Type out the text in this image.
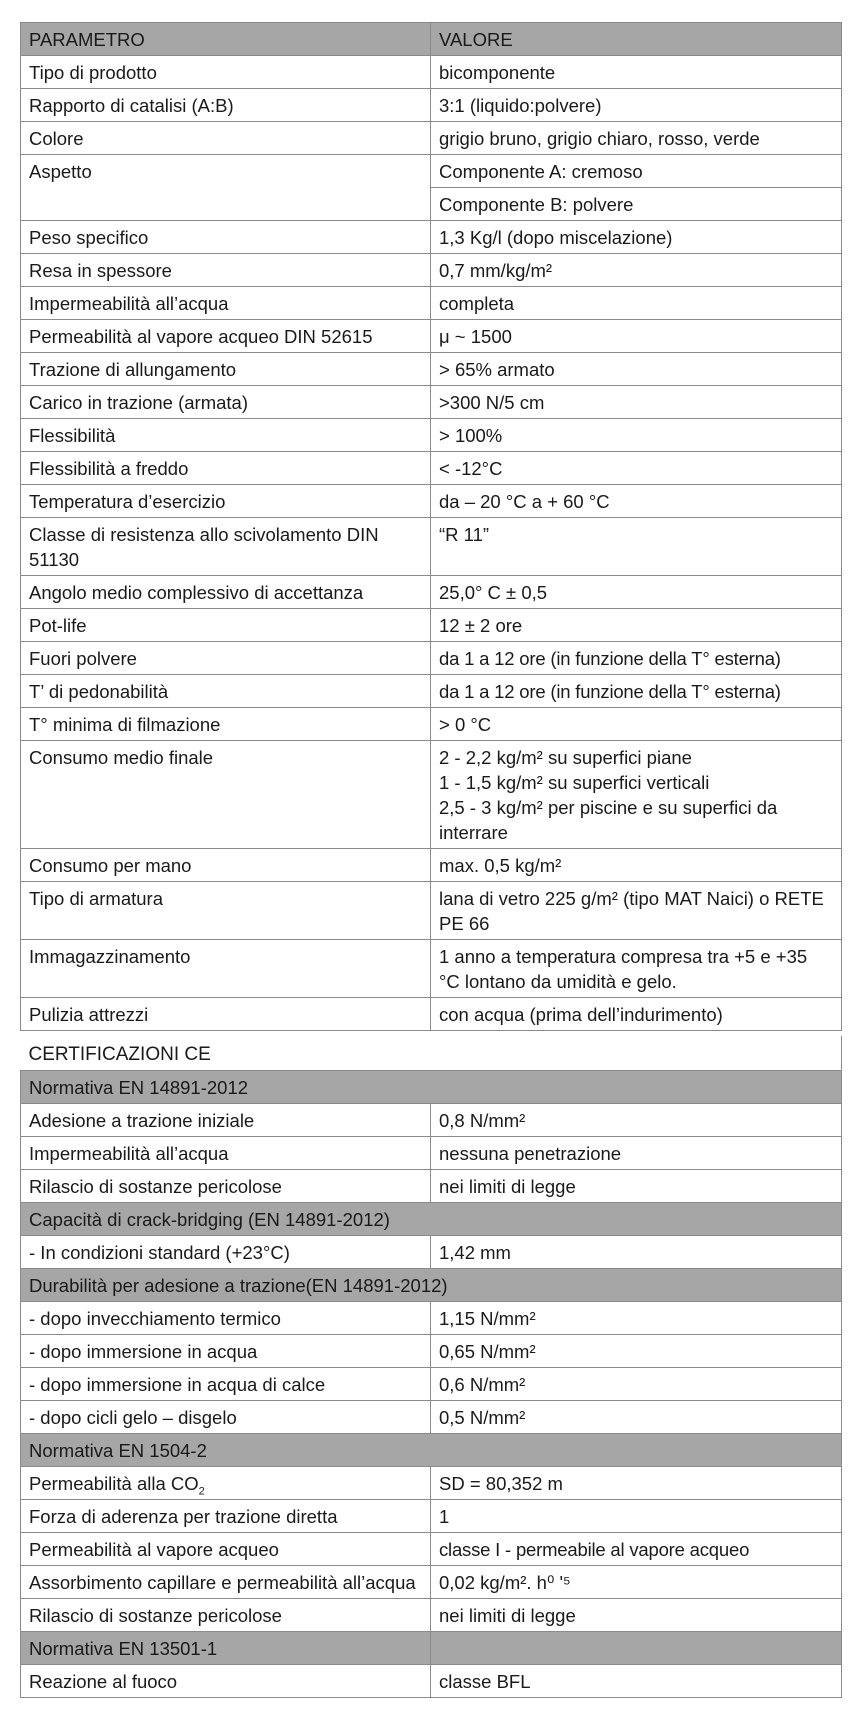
PARAMETRO	VALORE
Tipo di prodotto	bicomponente
Rapporto di catalisi (A:B)	3:1 (liquido:polvere)
Colore	grigio bruno, grigio chiaro, rosso, verde
Aspetto	Componente A: cremoso
	Componente B: polvere
Peso specifico	1,3 Kg/l (dopo miscelazione)
Resa in spessore	0,7 mm/kg/m²
Impermeabilità all’acqua	completa
Permeabilità al vapore acqueo DIN 52615	μ ~ 1500
Trazione di allungamento	> 65% armato
Carico in trazione (armata)	>300 N/5 cm
Flessibilità	> 100%
Flessibilità a freddo	< -12°C
Temperatura d’esercizio	da – 20 °C a + 60 °C
Classe di resistenza allo scivolamento DIN 51130	“R 11”
Angolo medio complessivo di accettanza	25,0° C ± 0,5
Pot-life	12 ± 2 ore
Fuori polvere	da 1 a 12 ore (in funzione della T° esterna)
T’ di pedonabilità	da 1 a 12 ore (in funzione della T° esterna)
T° minima di filmazione	> 0 °C
Consumo medio finale	2 - 2,2 kg/m² su superfici piane
1 - 1,5 kg/m² su superfici verticali
2,5 - 3 kg/m² per piscine e su superfici da interrare
Consumo per mano	max. 0,5 kg/m²
Tipo di armatura	lana di vetro 225 g/m² (tipo MAT Naici) o RETE PE 66
Immagazzinamento	1 anno a temperatura compresa tra +5 e +35 °C lontano da umidità e gelo.
Pulizia attrezzi	con acqua (prima dell’indurimento)
CERTIFICAZIONI CE	
Normativa EN 14891-2012	
Adesione a trazione iniziale	0,8 N/mm²
Impermeabilità all’acqua	nessuna penetrazione
Rilascio di sostanze pericolose	nei limiti di legge
Capacità di crack-bridging (EN 14891-2012)	
- In condizioni standard (+23°C)	1,42 mm
Durabilità per adesione a trazione(EN 14891-2012)	
- dopo invecchiamento termico	1,15 N/mm²
- dopo immersione in acqua	0,65 N/mm²
- dopo immersione in acqua di calce	0,6 N/mm²
- dopo cicli gelo – disgelo	0,5 N/mm²
Normativa EN 1504-2	
Permeabilità alla $CO_2$	SD = 80,352 m
Forza di aderenza per trazione diretta	1
Permeabilità al vapore acqueo	classe I - permeabile al vapore acqueo
Assorbimento capillare e permeabilità all’acqua	0,02 kg/m². h⁰ ʹ⁵
Rilascio di sostanze pericolose	nei limiti di legge
Normativa EN 13501-1	
Reazione al fuoco	classe BFL
